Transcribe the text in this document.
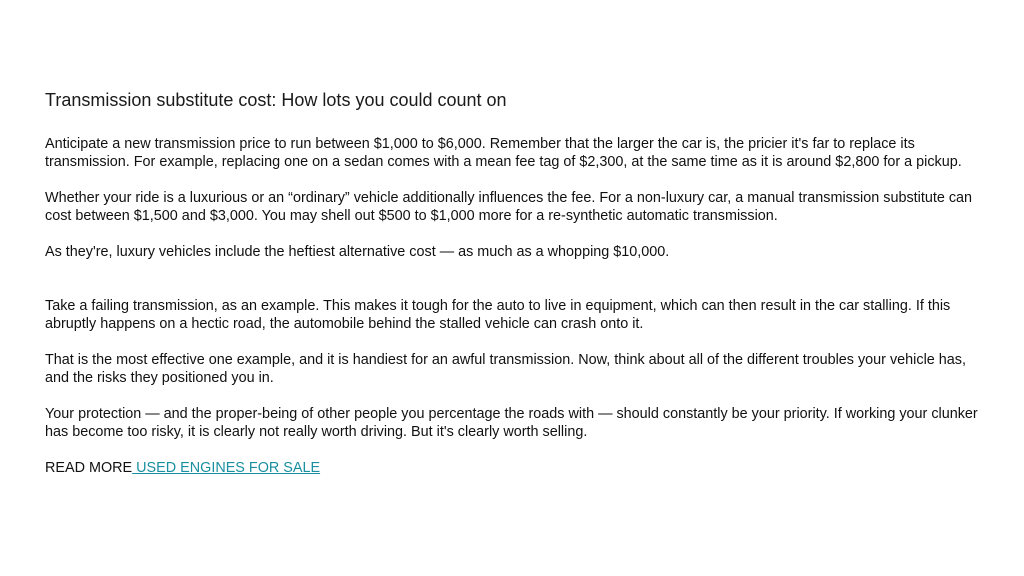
Transmission substitute cost: How lots you could count on

Anticipate a new transmission price to run between $1,000 to $6,000. Remember that the larger the car is, the pricier it's far to replace its transmission. For example, replacing one on a sedan comes with a mean fee tag of $2,300, at the same time as it is around $2,800 for a pickup.

Whether your ride is a luxurious or an “ordinary” vehicle additionally influences the fee. For a non-luxury car, a manual transmission substitute can cost between $1,500 and $3,000. You may shell out $500 to $1,000 more for a re-synthetic automatic transmission.

As they're, luxury vehicles include the heftiest alternative cost — as much as a whopping $10,000.

Take a failing transmission, as an example. This makes it tough for the auto to live in equipment, which can then result in the car stalling. If this abruptly happens on a hectic road, the automobile behind the stalled vehicle can crash onto it.

That is the most effective one example, and it is handiest for an awful transmission. Now, think about all of the different troubles your vehicle has, and the risks they positioned you in.

Your protection — and the proper-being of other people you percentage the roads with — should constantly be your priority. If working your clunker has become too risky, it is clearly not really worth driving. But it's clearly worth selling.

READ MORE USED ENGINES FOR SALE
